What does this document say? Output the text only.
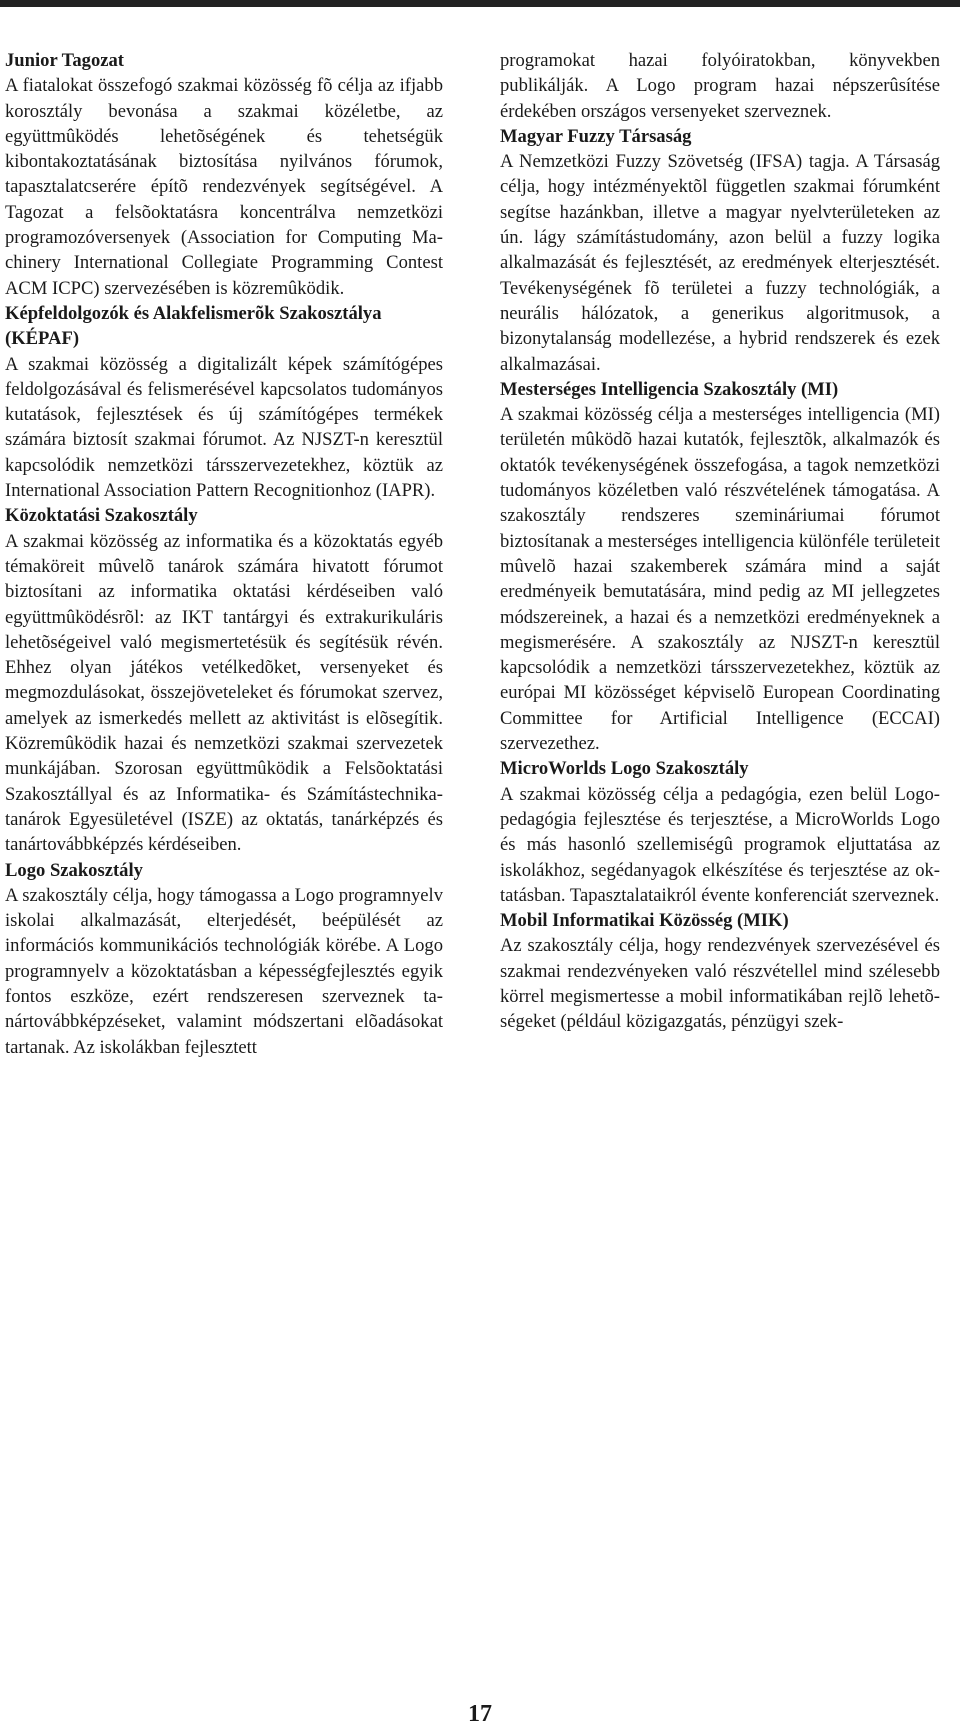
Junior Tagozat

A fiatalokat összefogó szakmai közösség fõ célja az ifjabb korosztály bevonása a szakmai közéletbe, az együttmûködés lehetõségének és tehetségük kibontakoztatásának biztosítása nyilvános fórumok, tapasztalatcserére építõ rendezvények segítségével. A Tagozat a felsõoktatásra koncentrálva nemzetközi programozóversenyek (Association for Computing Machinery International Collegiate Programming Contest ACM ICPC) szervezésében is közremûködik.

Képfeldolgozók és Alakfelismerõk Szakosztálya (KÉPAF)

A szakmai közösség a digitalizált képek számítógépes feldolgozásával és felismerésével kapcsolatos tudományos kutatások, fejlesztések és új számítógépes termékek számára biztosít szakmai fórumot. Az NJSZT-n keresztül kapcsolódik nemzetközi társszervezetekhez, köztük az International Association Pattern Recognitionhoz (IAPR).

Közoktatási Szakosztály

A szakmai közösség az informatika és a közoktatás egyéb témaköreit mûvelõ tanárok számára hivatott fórumot biztosítani az informatika oktatási kérdéseiben való együttmûködésrõl: az IKT tantárgyi és extrakurikuláris lehetõségeivel való megismertetésük és segítésük révén. Ehhez olyan játékos vetélkedõket, versenyeket és megmozdulásokat, összejöveteleket és fórumokat szervez, amelyek az ismerkedés mellett az aktivitást is elõsegítik. Közremûködik hazai és nemzetközi szakmai szervezetek munkájában. Szorosan együttmûködik a Felsõoktatási Szakosztállyal és az Informatika- és Számítástechnika-tanárok Egyesületével (ISZE) az oktatás, tanárképzés és tanártovábbképzés kérdéseiben.

Logo Szakosztály

A szakosztály célja, hogy támogassa a Logo programnyelv iskolai alkalmazását, elterjedését, beépülését az információs kommunikációs technológiák körébe. A Logo programnyelv a közoktatásban a képességfejlesztés egyik fontos eszköze, ezért rendszeresen szerveznek tanártovábbképzéseket, valamint módszertani elõadásokat tartanak. Az iskolákban fejlesztett

programokat hazai folyóiratokban, könyvekben publikálják. A Logo program hazai népszerûsítése érdekében országos versenyeket szerveznek.

Magyar Fuzzy Társaság

A Nemzetközi Fuzzy Szövetség (IFSA) tagja. A Társaság célja, hogy intézményektõl független szakmai fórumként segítse hazánkban, illetve a magyar nyelvterületeken az ún. lágy számítástudomány, azon belül a fuzzy logika alkalmazását és fejlesztését, az eredmények elterjesztését. Tevékenységének fõ területei a fuzzy technológiák, a neurális hálózatok, a generikus algoritmusok, a bizonytalanság modellezése, a hybrid rendszerek és ezek alkalmazásai.

Mesterséges Intelligencia Szakosztály (MI)

A szakmai közösség célja a mesterséges intelligencia (MI) területén mûködõ hazai kutatók, fejlesztõk, alkalmazók és oktatók tevékenységének összefogása, a tagok nemzetközi tudományos közéletben való részvételének támogatása. A szakosztály rendszeres szemináriumai fórumot biztosítanak a mesterséges intelligencia különféle területeit mûvelõ hazai szakemberek számára mind a saját eredményeik bemutatására, mind pedig az MI jellegzetes módszereinek, a hazai és a nemzetközi eredményeknek a megismerésére. A szakosztály az NJSZT-n keresztül kapcsolódik a nemzetközi társszervezetekhez, köztük az európai MI közösséget képviselõ European Coordinating Committee for Artificial Intelligence (ECCAI) szervezethez.

MicroWorlds Logo Szakosztály

A szakmai közösség célja a pedagógia, ezen belül Logo-pedagógia fejlesztése és terjesztése, a MicroWorlds Logo és más hasonló szellemiségû programok eljuttatása az iskolákhoz, segédanyagok elkészítése és terjesztése az oktatásban. Tapasztalataikról évente konferenciát szerveznek.

Mobil Informatikai Közösség (MIK)

Az szakosztály célja, hogy rendezvények szervezésével és szakmai rendezvényeken való részvétellel mind szélesebb körrel megismertesse a mobil informatikában rejlõ lehetõségeket (például közigazgatás, pénzügyi szek-

17
